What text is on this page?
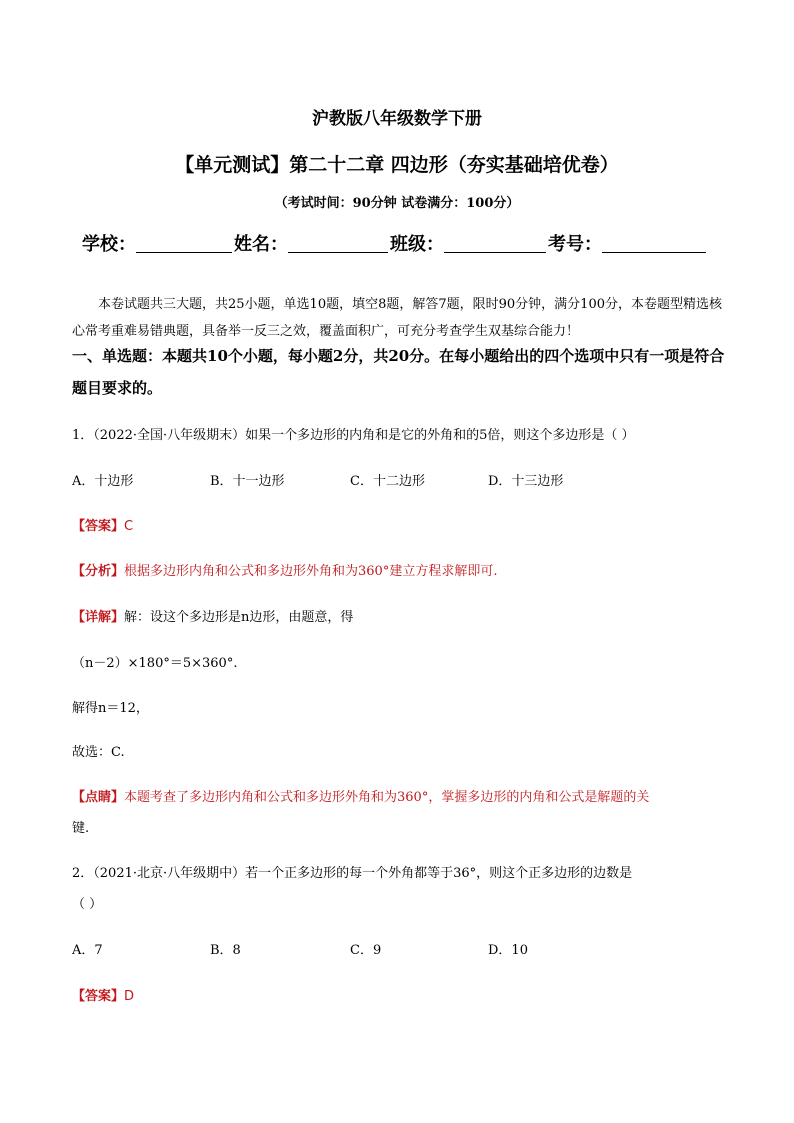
沪教版八年级数学下册
【单元测试】第二十二章 四边形（夯实基础培优卷）
（考试时间：90分钟 试卷满分：100分）
学校：	姓名：	班级：	考号：
本卷试题共三大题，共25小题，单选10题，填空8题，解答7题，限时90分钟，满分100分，本卷题型精选核心常考重难易错典题，具备举一反三之效，覆盖面积广，可充分考查学生双基综合能力！
一、单选题：本题共10个小题，每小题2分，共20分。在每小题给出的四个选项中只有一项是符合题目要求的。
1．（2022·全国·八年级期末）如果一个多边形的内角和是它的外角和的5倍，则这个多边形是（ ）
A．十边形	B．十一边形	C．十二边形	D．十三边形
【答案】C
【分析】根据多边形内角和公式和多边形外角和为360°建立方程求解即可.
【详解】解：设这个多边形是n边形，由题意，得
（n－2）×180°＝5×360°.
解得n＝12，
故选：C.
【点睛】本题考查了多边形内角和公式和多边形外角和为360°，掌握多边形的内角和公式是解题的关
键.
2．（2021·北京·八年级期中）若一个正多边形的每一个外角都等于36°，则这个正多边形的边数是
（ ）
A．7	B．8	C．9	D．10
【答案】D
